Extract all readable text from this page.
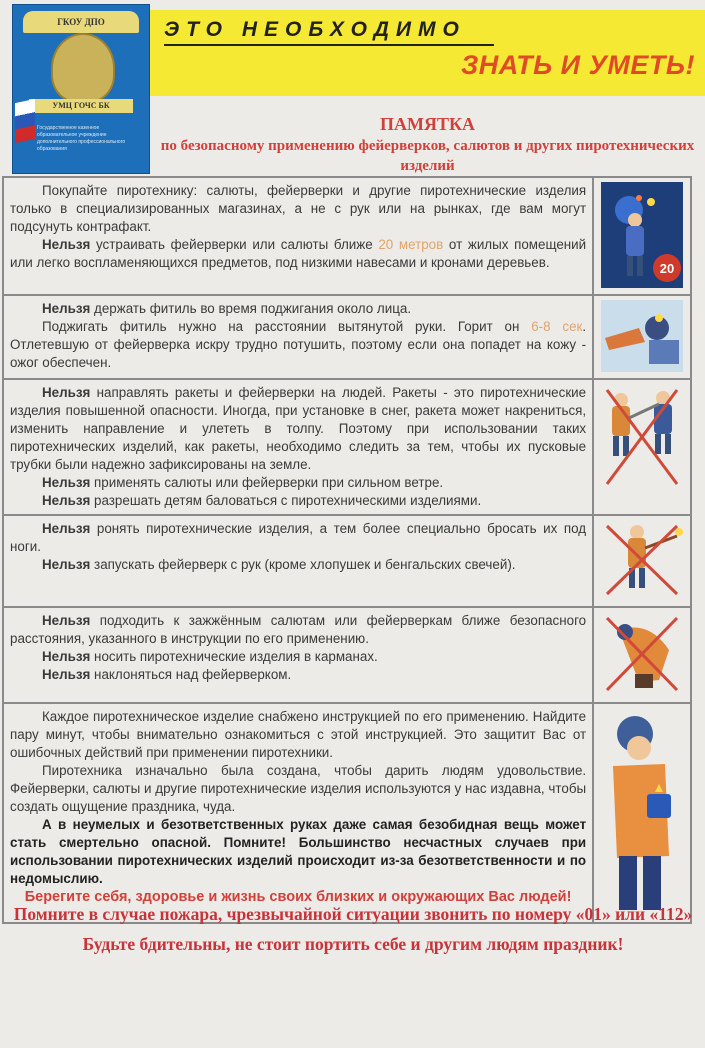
ГКОУ ДПО
УМЦ ГОЧС БК
Государственное казенное образовательное учреждение дополнительного профессионального образования
ЭТО НЕОБХОДИМО
ЗНАТЬ И УМЕТЬ!
ПАМЯТКА
по безопасному применению фейерверков, салютов и других пиротехнических изделий

Покупайте пиротехнику: салюты, фейерверки и другие пиротехнические изделия только в специализированных магазинах, а не с рук или на рынках, где вам могут подсунуть контрафакт.

Нельзя устраивать фейерверки или салюты ближе 20 метров от жилых помещений или легко воспламеняющихся предметов, под низкими навесами и кронами деревьев.	20

Нельзя держать фитиль во время поджигания около лица.

Поджигать фитиль нужно на расстоянии вытянутой руки. Горит он 6-8 сек. Отлетевшую от фейерверка искру трудно потушить, поэтому если она попадет на кожу - ожог обеспечен.

Нельзя направлять ракеты и фейерверки на людей. Ракеты - это пиротехнические изделия повышенной опасности. Иногда, при установке в снег, ракета может накрениться, изменить направление и улететь в толпу. Поэтому при использовании таких пиротехнических изделий, как ракеты, необходимо следить за тем, чтобы их пусковые трубки были надежно зафиксированы на земле.

Нельзя применять салюты или фейерверки при сильном ветре.

Нельзя разрешать детям баловаться с пиротехническими изделиями.

Нельзя ронять пиротехнические изделия, а тем более специально бросать их под ноги.

Нельзя запускать фейерверк с рук (кроме хлопушек и бенгальских свечей).

Нельзя подходить к зажжённым салютам или фейерверкам ближе безопасного расстояния, указанного в инструкции по его применению.

Нельзя носить пиротехнические изделия в карманах.

Нельзя наклоняться над фейерверком.

Каждое пиротехническое изделие снабжено инструкцией по его применению. Найдите пару минут, чтобы внимательно ознакомиться с этой инструкцией. Это защитит Вас от ошибочных действий при применении пиротехники.

Пиротехника изначально была создана, чтобы дарить людям удовольствие. Фейерверки, салюты и другие пиротехнические изделия используются у нас издавна, чтобы создать ощущение праздника, чуда.

А в неумелых и безответственных руках даже самая безобидная вещь может стать смертельно опасной. Помните! Большинство несчастных случаев при использовании пиротехнических изделий происходит из-за безответственности и по недомыслию.

Берегите себя, здоровье и жизнь своих близких и окружающих Вас людей!

Помните в случае пожара, чрезвычайной ситуации звонить по номеру «01» или «112»

Будьте бдительны, не стоит портить себе и другим людям праздник!
